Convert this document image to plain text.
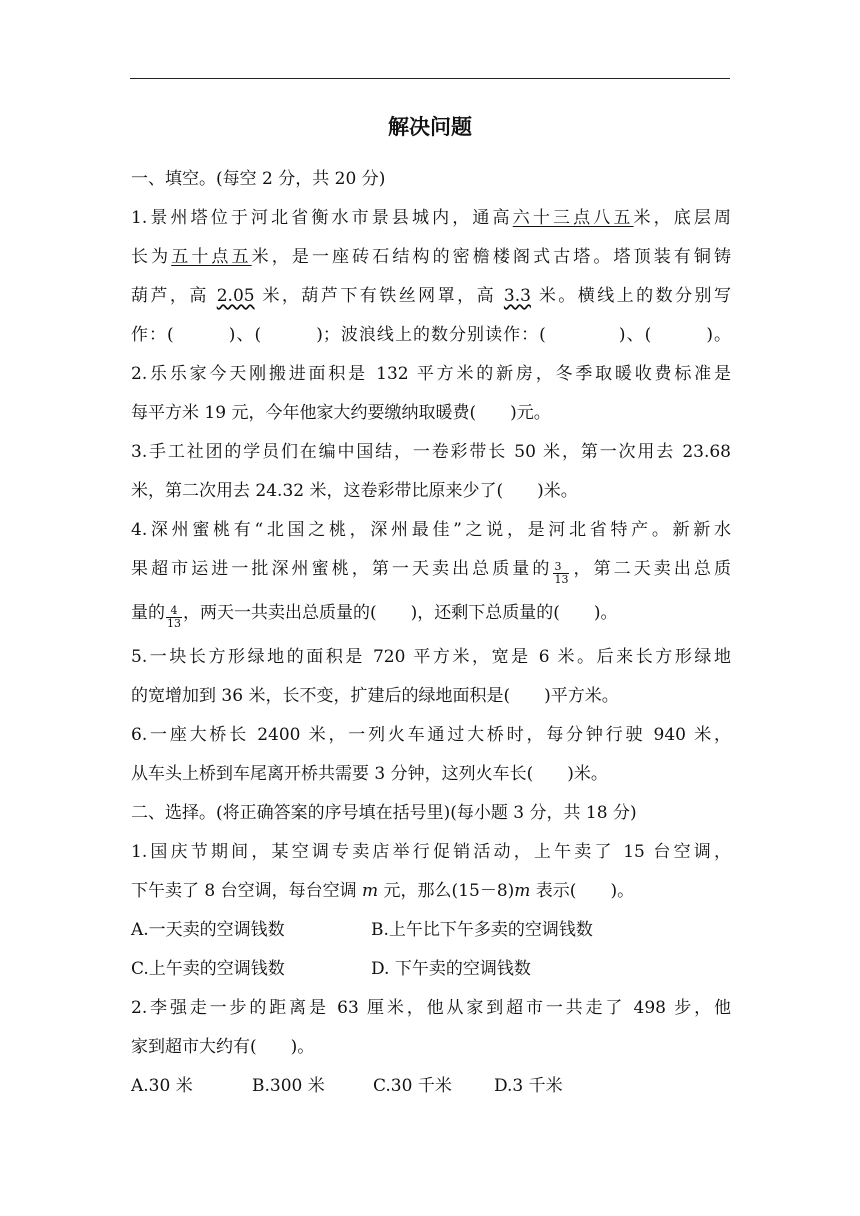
解决问题
一、填空。(每空 2 分，共 20 分)
1.景州塔位于河北省衡水市景县城内，通高六十三点八五米，底层周
长为五十点五米，是一座砖石结构的密檐楼阁式古塔。塔顶装有铜铸
葫芦，高 2.05 米，葫芦下有铁丝网罩，高 3.3 米。横线上的数分别写
作：(　　　)、(　　　)；波浪线上的数分别读作：(　　　　)、(　　　)。
2.乐乐家今天刚搬进面积是 132 平方米的新房，冬季取暖收费标准是
每平方米 19 元，今年他家大约要缴纳取暖费(　　)元。
3.手工社团的学员们在编中国结，一卷彩带长 50 米，第一次用去 23.68
米，第二次用去 24.32 米，这卷彩带比原来少了(　　)米。
4.深州蜜桃有“北国之桃，深州最佳”之说，是河北省特产。新新水
果超市运进一批深州蜜桃，第一天卖出总质量的 $\frac{3}{13}$ ，第二天卖出总质
量的 $\frac{4}{13}$ ，两天一共卖出总质量的(　　)，还剩下总质量的(　　)。
5.一块长方形绿地的面积是 720 平方米，宽是 6 米。后来长方形绿地
的宽增加到 36 米，长不变，扩建后的绿地面积是(　　)平方米。
6.一座大桥长 2400 米，一列火车通过大桥时，每分钟行驶 940 米，
从车头上桥到车尾离开桥共需要 3 分钟，这列火车长(　　)米。
二、选择。(将正确答案的序号填在括号里)(每小题 3 分，共 18 分)
1.国庆节期间，某空调专卖店举行促销活动，上午卖了 15 台空调，
下午卖了 8 台空调，每台空调 m 元，那么(15－8)m 表示(　　)。
A.一天卖的空调钱数	B.上午比下午多卖的空调钱数
C.上午卖的空调钱数	D. 下午卖的空调钱数
2.李强走一步的距离是 63 厘米，他从家到超市一共走了 498 步，他
家到超市大约有(　　)。
A.30 米	B.300 米	C.30 千米 D.3 千米
